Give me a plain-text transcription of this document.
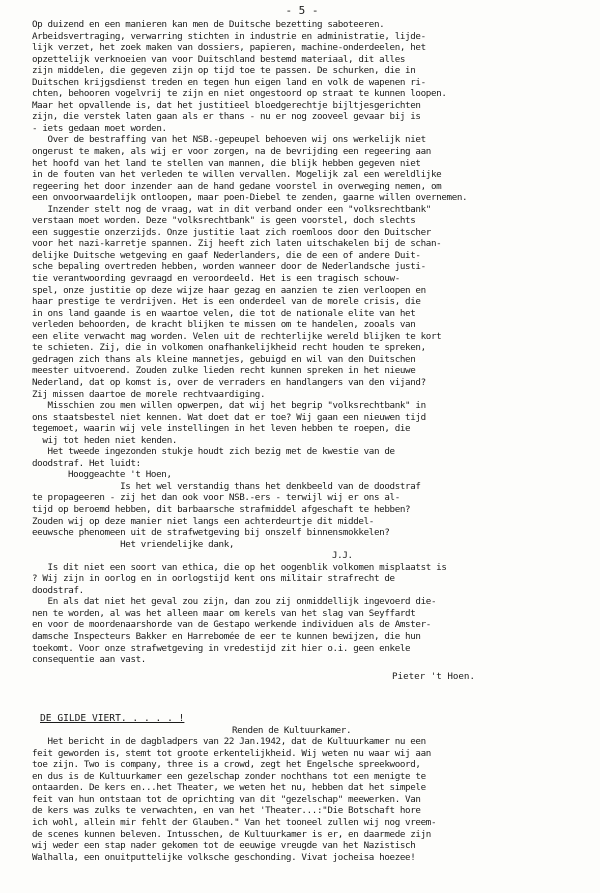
- 5 -
Op duizend en een manieren kan men de Duitsche bezetting saboteeren.
Arbeidsvertraging, verwarring stichten in industrie en administratie, lijde-
lijk verzet, het zoek maken van dossiers, papieren, machine-onderdeelen, het
opzettelijk verknoeien van voor Duitschland bestemd materiaal, dit alles
zijn middelen, die gegeven zijn op tijd toe te passen. De schurken, die in
Duitschen krijgsdienst treden en tegen hun eigen land en volk de wapenen ri-
chten, behooren vogelvrij te zijn en niet ongestoord op straat te kunnen loopen.
Maar het opvallende is, dat het justitieel bloedgerechtje bijltjesgerichten
zijn, die verstek laten gaan als er thans - nu er nog zooveel gevaar bij is
- iets gedaan moet worden.
Over de bestraffing van het NSB.-gepeupel behoeven wij ons werkelijk niet
ongerust te maken, als wij er voor zorgen, na de bevrijding een regeering aan
het hoofd van het land te stellen van mannen, die blijk hebben gegeven niet
in de fouten van het verleden te willen vervallen. Mogelijk zal een wereldlijke
regeering het door inzender aan de hand gedane voorstel in overweging nemen, om
een onvoorwaardelijk ontloopen, maar poen-Diebel te zenden, gaarne willen overnemen.
Inzender stelt nog de vraag, wat in dit verband onder een "volksrechtbank"
verstaan moet worden. Deze "volksrechtbank" is geen voorstel, doch slechts
een suggestie onzerzijds. Onze justitie laat zich roemloos door den Duitscher
voor het nazi-karretje spannen. Zij heeft zich laten uitschakelen bij de schan-
delijke Duitsche wetgeving en gaaf Nederlanders, die de een of andere Duit-
sche bepaling overtreden hebben, worden wanneer door de Nederlandsche justi-
tie verantwoording gevraagd en veroordeeld. Het is een tragisch schouw-
spel, onze justitie op deze wijze haar gezag en aanzien te zien verloopen en
haar prestige te verdrijven. Het is een onderdeel van de morele crisis, die
in ons land gaande is en waartoe velen, die tot de nationale elite van het
verleden behoorden, de kracht blijken te missen om te handelen, zooals van
een elite verwacht mag worden. Velen uit de rechterlijke wereld blijken te kort
te schieten. Zij, die in volkomen onafhankelijkheid recht houden te spreken,
gedragen zich thans als kleine mannetjes, gebuigd en wil van den Duitschen
meester uitvoerend. Zouden zulke lieden recht kunnen spreken in het nieuwe
Nederland, dat op komst is, over de verraders en handlangers van den vijand?
Zij missen daartoe de morele rechtvaardiging.
Misschien zou men willen opwerpen, dat wij het begrip "volksrechtbank" in
ons staatsbestel niet kennen. Wat doet dat er toe? Wij gaan een nieuwen tijd
tegemoet, waarin wij vele instellingen in het leven hebben te roepen, die
wij tot heden niet kenden.
Het tweede ingezonden stukje houdt zich bezig met de kwestie van de
doodstraf. Het luidt:
Hooggeachte 't Hoen,
Is het wel verstandig thans het denkbeeld van de doodstraf
te propageeren - zij het dan ook voor NSB.-ers - terwijl wij er ons al-
tijd op beroemd hebben, dit barbaarsche strafmiddel afgeschaft te hebben?
Zouden wij op deze manier niet langs een achterdeurtje dit middel-
eeuwsche phenomeen uit de strafwetgeving bij onszelf binnensmokkelen?
Het vriendelijke dank,
J.J.
Is dit niet een soort van ethica, die op het oogenblik volkomen misplaatst is
? Wij zijn in oorlog en in oorlogstijd kent ons militair strafrecht de
doodstraf.
En als dat niet het geval zou zijn, dan zou zij onmiddellijk ingevoerd die-
nen te worden, al was het alleen maar om kerels van het slag van Seyffardt
en voor de moordenaarshorde van de Gestapo werkende individuen als de Amster-
damsche Inspecteurs Bakker en Harrebomée de eer te kunnen bewijzen, die hun
toekomt. Voor onze strafwetgeving in vredestijd zit hier o.i. geen enkele
consequentie aan vast.
Pieter 't Hoen.
DE GILDE VIERT. . . . . !
Renden de Kultuurkamer.
Het bericht in de dagbladpers van 22 Jan.1942, dat de Kultuurkamer nu een
feit geworden is, stemt tot groote erkentelijkheid. Wij weten nu waar wij aan
toe zijn. Two is company, three is a crowd, zegt het Engelsche spreekwoord,
en dus is de Kultuurkamer een gezelschap zonder nochthans tot een menigte te
ontaarden. De kers en...het Theater, we weten het nu, hebben dat het simpele
feit van hun ontstaan tot de oprichting van dit "gezelschap" meewerken. Van
de kers was zulks te verwachten, en van het 'Theater...:"Die Botschaft hore
ich wohl, allein mir fehlt der Glauben." Van het tooneel zullen wij nog vreem-
de scenes kunnen beleven. Intusschen, de Kultuurkamer is er, en daarmede zijn
wij weder een stap nader gekomen tot de eeuwige vreugde van het Nazistisch
Walhalla, een onuitputtelijke volksche geschonding. Vivat jocheisa hoezee!
